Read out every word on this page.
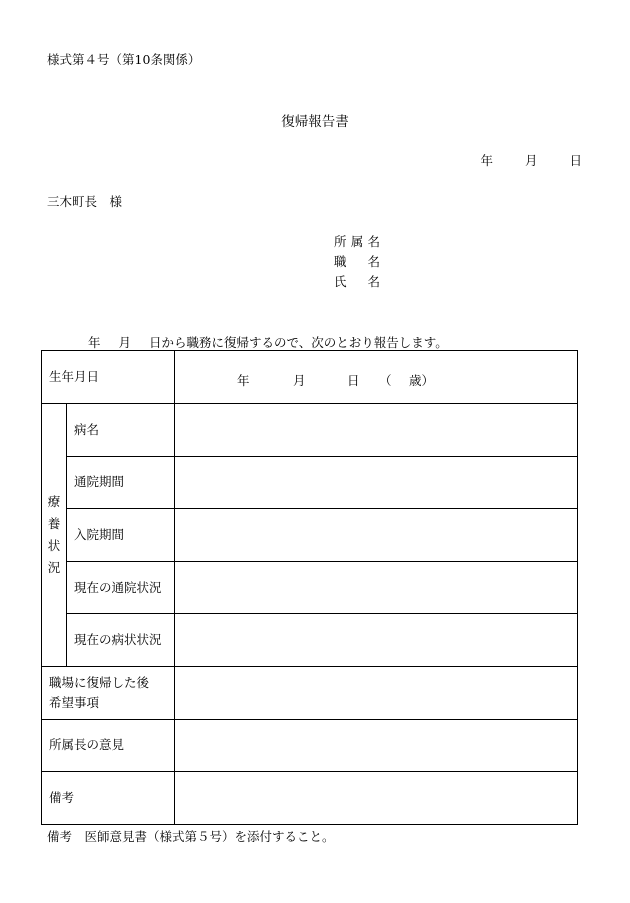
様式第４号（第10条関係）
復帰報告書
年	月	日
三木町長　様
所属名
職　名
氏　名
年 月 日から職務に復帰するので、次のとおり報告します。
生年月日		年 月 日 （ 歳）

療養状況	病名	
	通院期間	
	入院期間	
	現在の通院状況	
	現在の病状状況	

職場に復帰した後
希望事項		

所属長の意見		
備考		
備考　医師意見書（様式第５号）を添付すること。
